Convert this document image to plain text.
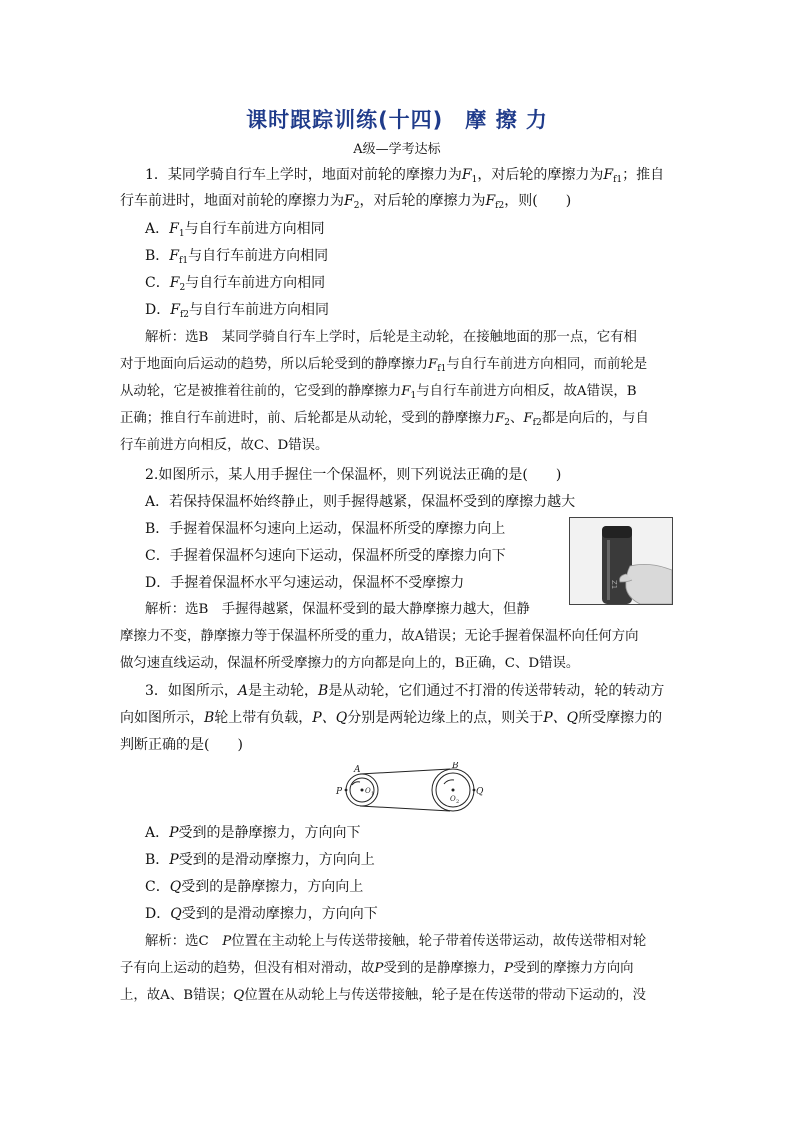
课时跟踪训练(十四)　摩 擦 力
A级—学考达标
1．某同学骑自行车上学时，地面对前轮的摩擦力为$F_1$，对后轮的摩擦力为$F_{f1}$；推自
行车前进时，地面对前轮的摩擦力为$F_2$，对后轮的摩擦力为$F_{f2}$，则(　　)
A．$F_1$与自行车前进方向相同
B．$F_{f1}$与自行车前进方向相同
C．$F_2$与自行车前进方向相同
D．$F_{f2}$与自行车前进方向相同
解析：选B　某同学骑自行车上学时，后轮是主动轮，在接触地面的那一点，它有相
对于地面向后运动的趋势，所以后轮受到的静摩擦力$F_{f1}$与自行车前进方向相同，而前轮是
从动轮，它是被推着往前的，它受到的静摩擦力$F_1$与自行车前进方向相反，故A错误，B
正确；推自行车前进时，前、后轮都是从动轮，受到的静摩擦力$F_2$、$F_{f2}$都是向后的，与自
行车前进方向相反，故C、D错误。
2.如图所示，某人用手握住一个保温杯，则下列说法正确的是(　　)
A．若保持保温杯始终静止，则手握得越紧，保温杯受到的摩擦力越大
B．手握着保温杯匀速向上运动，保温杯所受的摩擦力向上
C．手握着保温杯匀速向下运动，保温杯所受的摩擦力向下
D．手握着保温杯水平匀速运动，保温杯不受摩擦力	Z1
解析：选B　手握得越紧，保温杯受到的最大静摩擦力越大，但静
摩擦力不变，静摩擦力等于保温杯所受的重力，故A错误；无论手握着保温杯向任何方向
做匀速直线运动，保温杯所受摩擦力的方向都是向上的，B正确，C、D错误。
3．如图所示，A是主动轮，B是从动轮，它们通过不打滑的传送带转动，轮的转动方
向如图所示，B轮上带有负载，P、Q分别是两轮边缘上的点，则关于P、Q所受摩擦力的
判断正确的是(　　)
A	B
P	Q
O 1
O 2
A．P受到的是静摩擦力，方向向下
B．P受到的是滑动摩擦力，方向向上
C．Q受到的是静摩擦力，方向向上
D．Q受到的是滑动摩擦力，方向向下
解析：选C　P位置在主动轮上与传送带接触，轮子带着传送带运动，故传送带相对轮
子有向上运动的趋势，但没有相对滑动，故P受到的是静摩擦力，P受到的摩擦力方向向
上，故A、B错误；Q位置在从动轮上与传送带接触，轮子是在传送带的带动下运动的，没
